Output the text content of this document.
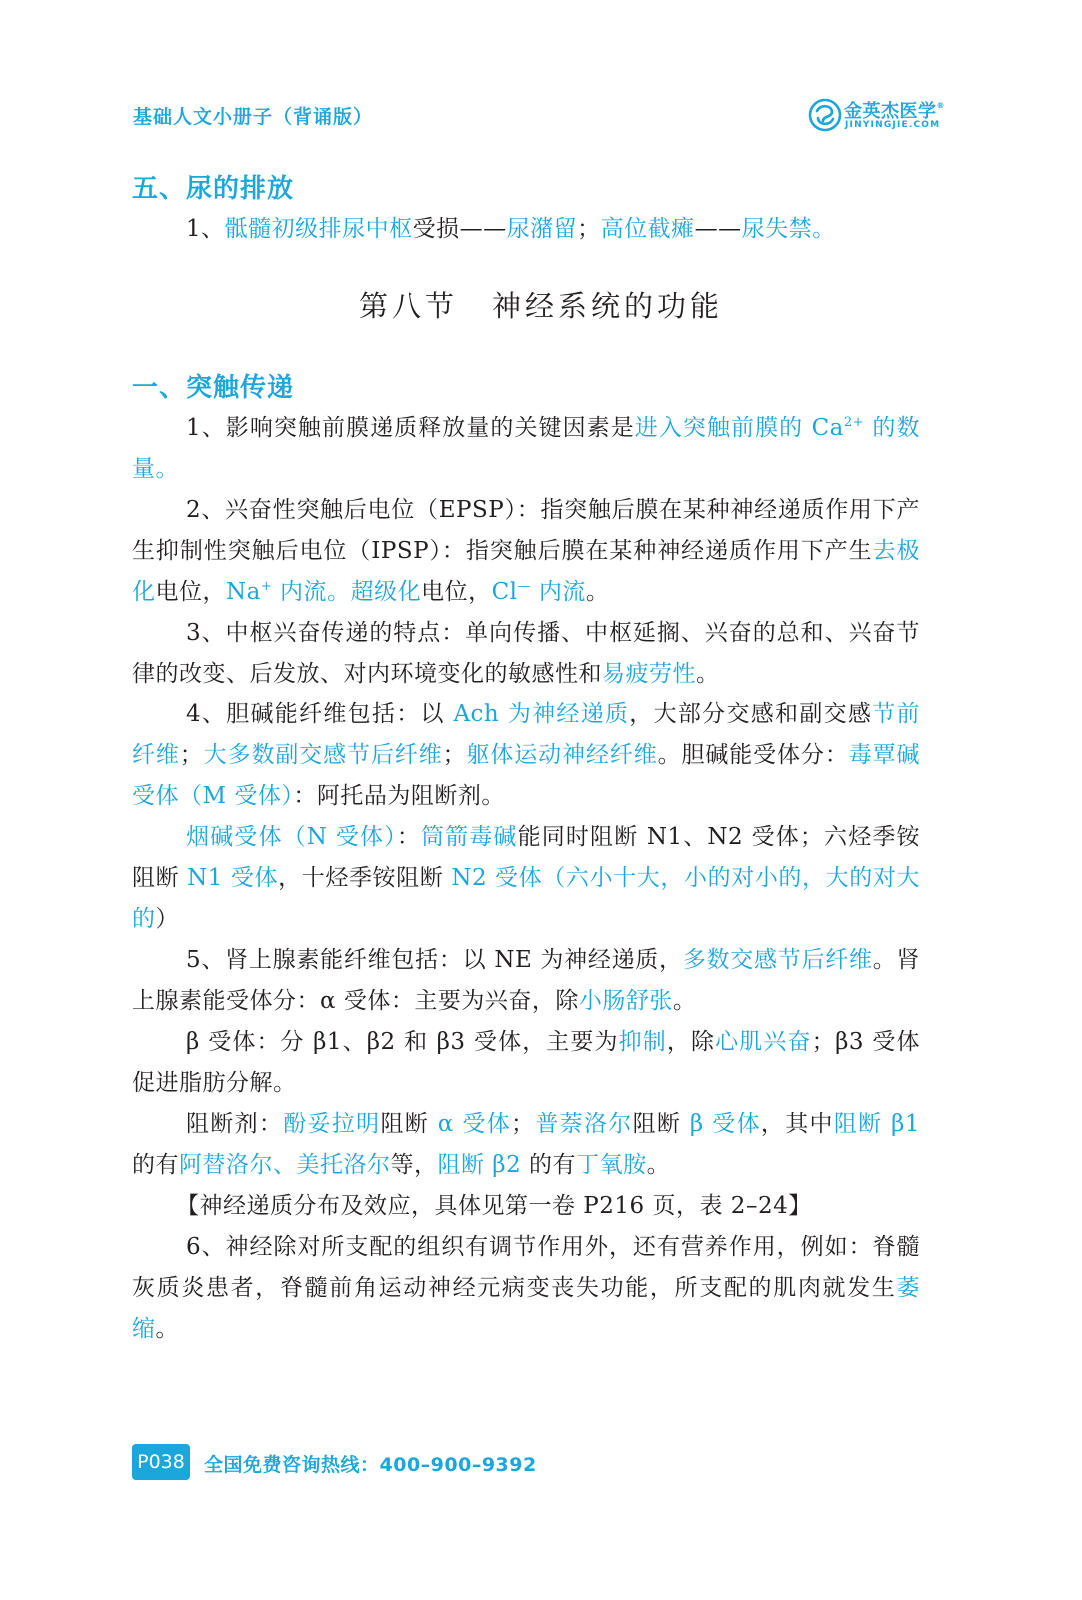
基础人文小册子（背诵版）	金英杰医学®
JINYINGJIE.COM
五、尿的排放
1、骶髓初级排尿中枢受损——尿潴留；高位截瘫——尿失禁。
第八节 神经系统的功能
一、突触传递
1、影响突触前膜递质释放量的关键因素是进入突触前膜的 $Ca^{2+}$ 的数量。
2、兴奋性突触后电位（EPSP）：指突触后膜在某种神经递质作用下产生抑制性突触后电位（IPSP）：指突触后膜在某种神经递质作用下产生去极化电位，Na+ 内流。超级化电位，Cl— 内流。
3、中枢兴奋传递的特点：单向传播、中枢延搁、兴奋的总和、兴奋节律的改变、后发放、对内环境变化的敏感性和易疲劳性。
4、胆碱能纤维包括：以 Ach 为神经递质，大部分交感和副交感节前纤维；大多数副交感节后纤维；躯体运动神经纤维。胆碱能受体分：毒覃碱受体（M 受体）：阿托品为阻断剂。
烟碱受体（N 受体）：筒箭毒碱能同时阻断 N1、N2 受体；六烃季铵阻断 N1 受体，十烃季铵阻断 N2 受体（六小十大，小的对小的，大的对大的）
5、肾上腺素能纤维包括：以 NE 为神经递质，多数交感节后纤维。肾上腺素能受体分：α 受体：主要为兴奋，除小肠舒张。
β 受体：分 β1、β2 和 β3 受体，主要为抑制，除心肌兴奋；β3 受体促进脂肪分解。
阻断剂：酚妥拉明阻断 α 受体；普萘洛尔阻断 β 受体，其中阻断 β1 的有阿替洛尔、美托洛尔等，阻断 β2 的有丁氧胺。
【神经递质分布及效应，具体见第一卷 P216 页，表 2–24】
6、神经除对所支配的组织有调节作用外，还有营养作用，例如：脊髓灰质炎患者，脊髓前角运动神经元病变丧失功能，所支配的肌肉就发生萎缩。
P038 全国免费咨询热线：400–900–9392
